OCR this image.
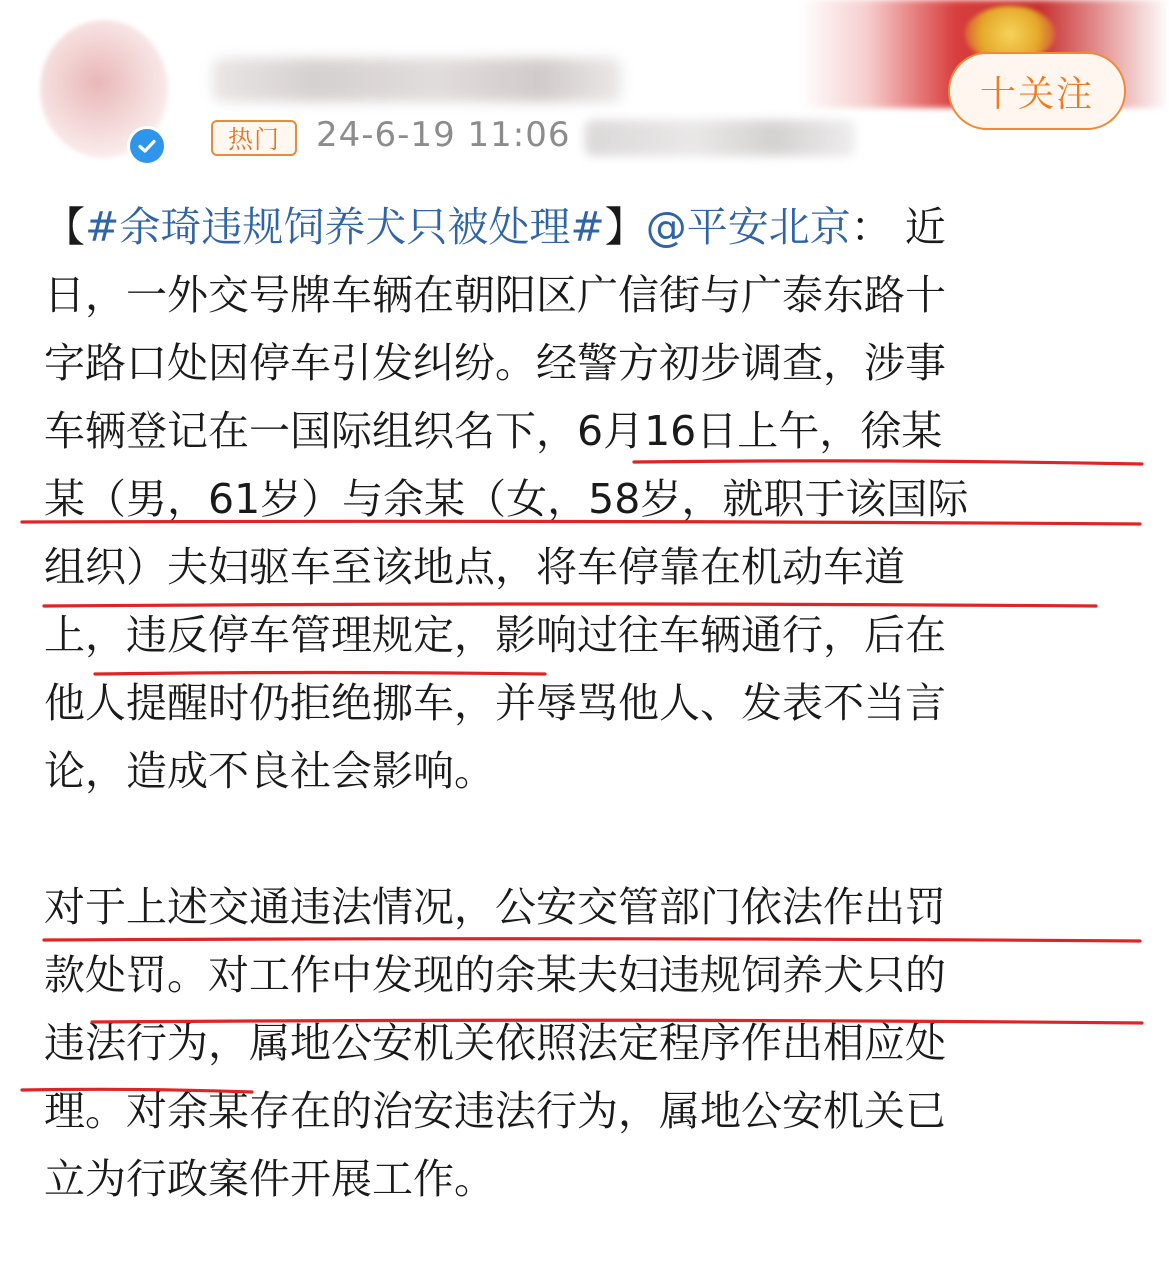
十关注
热门	24-6-19 11:06
【#余琦违规饲养犬只被处理#】@平安北京： 近
日，一外交号牌车辆在朝阳区广信街与广泰东路十
字路口处因停车引发纠纷。经警方初步调查，涉事
车辆登记在一国际组织名下，6月16日上午，徐某
某（男，61岁）与余某（女，58岁，就职于该国际
组织）夫妇驱车至该地点，将车停靠在机动车道
上，违反停车管理规定，影响过往车辆通行，后在
他人提醒时仍拒绝挪车，并辱骂他人、发表不当言
论，造成不良社会影响。
对于上述交通违法情况，公安交管部门依法作出罚
款处罚。对工作中发现的余某夫妇违规饲养犬只的
违法行为，属地公安机关依照法定程序作出相应处
理。对余某存在的治安违法行为，属地公安机关已
立为行政案件开展工作。
